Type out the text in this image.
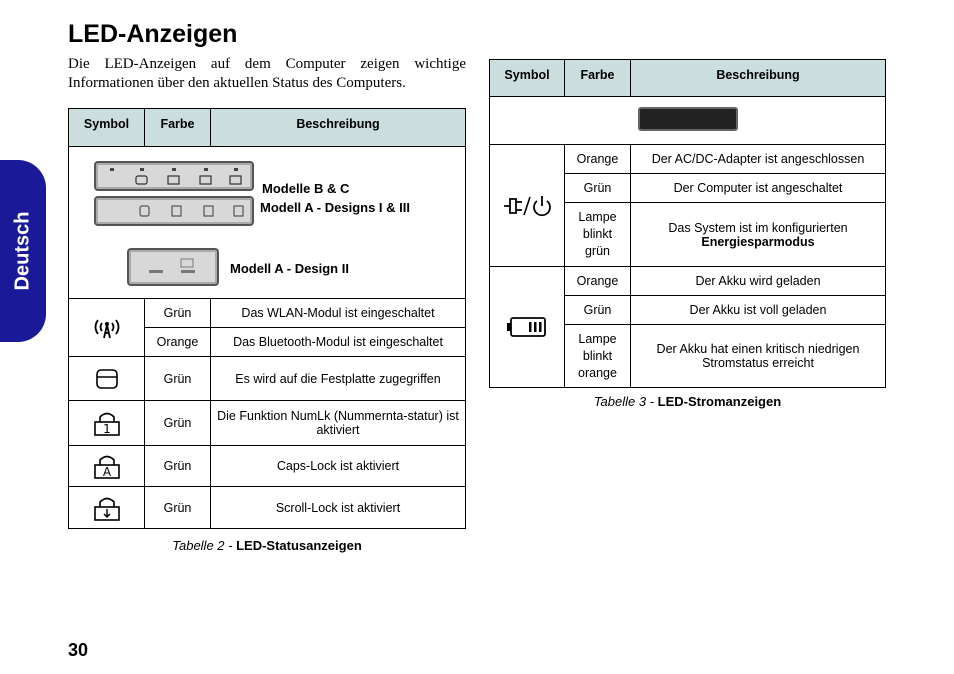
Deutsch
LED-Anzeigen

Die LED-Anzeigen auf dem Computer zeigen wichtige Informationen über den aktuellen Status des Computers.

Symbol	Farbe	Beschreibung

	Grün	Das WLAN-Modul ist eingeschaltet
	Orange	Das Bluetooth-Modul ist eingeschaltet

	Grün	Es wird auf die Festplatte zugegriffen

1	Grün	Die Funktion NumLk (Nummernta-statur) ist aktiviert

A	Grün	Caps-Lock ist aktiviert

	Grün	Scroll-Lock ist aktiviert
Modelle B & C
Modell A - Designs I & III
Modell A - Design II
Tabelle 2 - LED-Statusanzeigen
Symbol	Farbe	Beschreibung

	Orange	Der AC/DC-Adapter ist angeschlossen
	Grün	Der Computer ist angeschaltet
	Lampe blinkt grün	Das System ist im konfigurierten Energiesparmodus

	Orange	Der Akku wird geladen
	Grün	Der Akku ist voll geladen
	Lampe blinkt orange	Der Akku hat einen kritisch niedrigen Stromstatus erreicht
Tabelle 3 - LED-Stromanzeigen
30
